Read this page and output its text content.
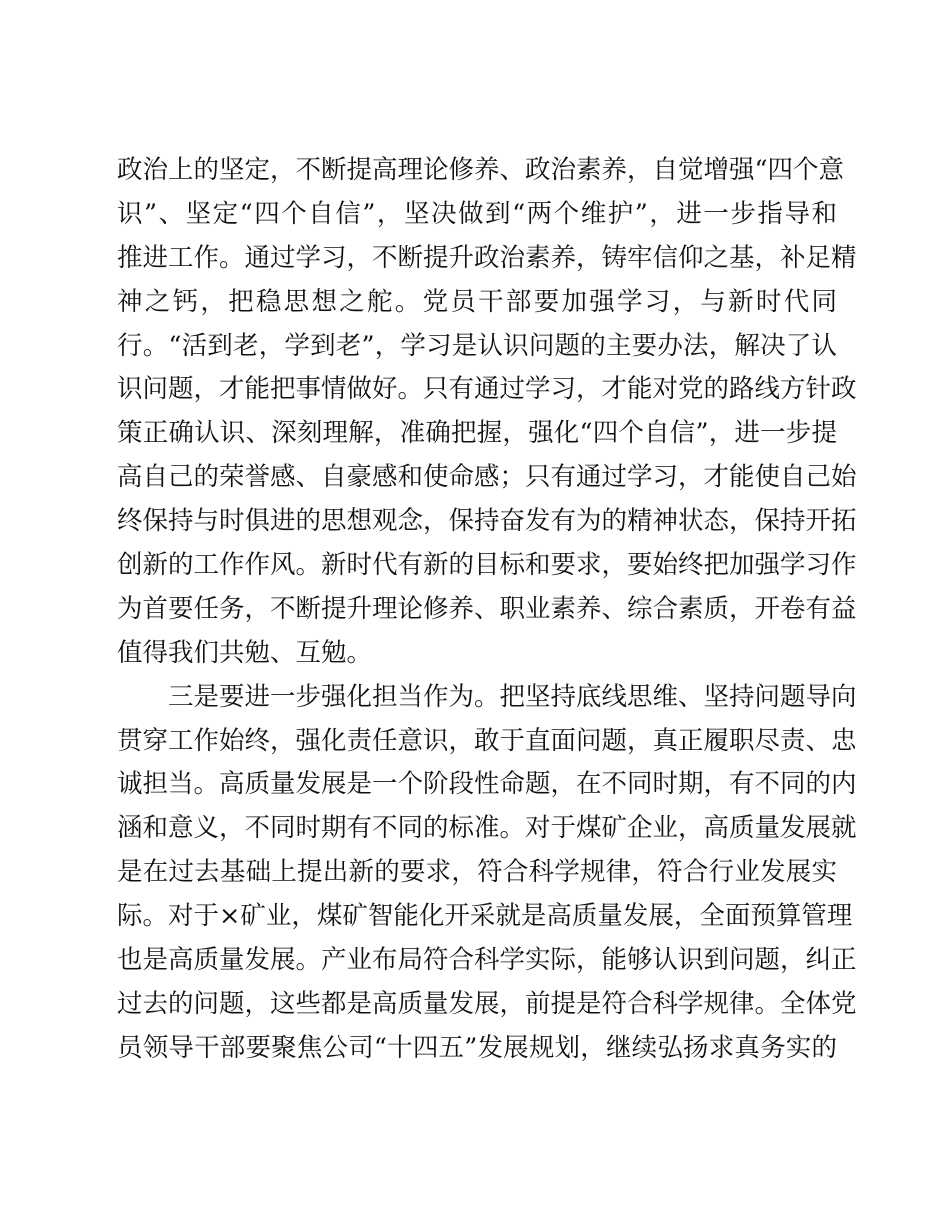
政治上的坚定，不断提高理论修养、政治素养，自觉增强“四个意
识”、坚定“四个自信”，坚决做到“两个维护”，进一步指导和
推进工作。通过学习，不断提升政治素养，铸牢信仰之基，补足精
神之钙，把稳思想之舵。党员干部要加强学习，与新时代同
行。“活到老，学到老”，学习是认识问题的主要办法，解决了认
识问题，才能把事情做好。只有通过学习，才能对党的路线方针政
策正确认识、深刻理解，准确把握，强化“四个自信”，进一步提
高自己的荣誉感、自豪感和使命感；只有通过学习，才能使自己始
终保持与时俱进的思想观念，保持奋发有为的精神状态，保持开拓
创新的工作作风。新时代有新的目标和要求，要始终把加强学习作
为首要任务，不断提升理论修养、职业素养、综合素质，开卷有益
值得我们共勉、互勉。
三是要进一步强化担当作为。把坚持底线思维、坚持问题导向
贯穿工作始终，强化责任意识，敢于直面问题，真正履职尽责、忠
诚担当。高质量发展是一个阶段性命题，在不同时期，有不同的内
涵和意义，不同时期有不同的标准。对于煤矿企业，高质量发展就
是在过去基础上提出新的要求，符合科学规律，符合行业发展实
际。对于×矿业，煤矿智能化开采就是高质量发展，全面预算管理
也是高质量发展。产业布局符合科学实际，能够认识到问题，纠正
过去的问题，这些都是高质量发展，前提是符合科学规律。全体党
员领导干部要聚焦公司“十四五”发展规划，继续弘扬求真务实的
